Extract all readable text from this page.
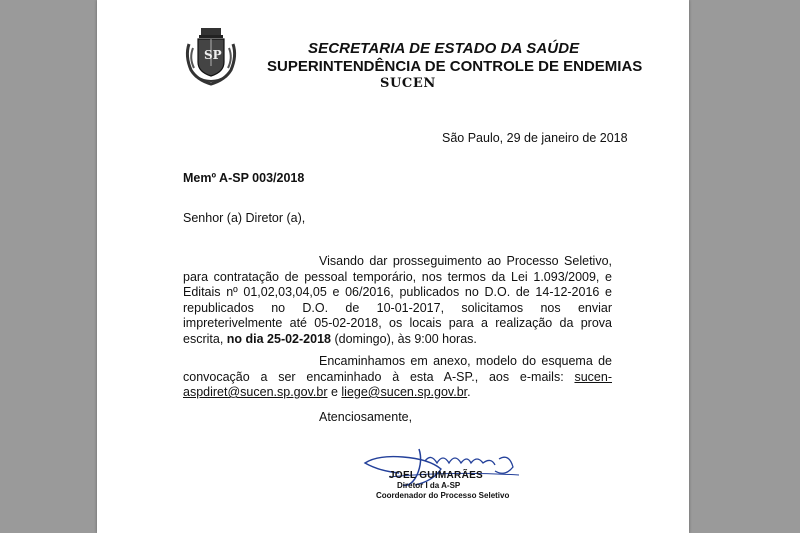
SP	SECRETARIA DE ESTADO DA SAÚDE
SUPERINTENDÊNCIA DE CONTROLE DE ENDEMIAS
SUCEN
São Paulo, 29 de janeiro de 2018
Memº A-SP 003/2018
Senhor (a) Diretor (a),

Visando dar prosseguimento ao Processo Seletivo, para contratação de pessoal temporário, nos termos da Lei 1.093/2009, e Editais nº 01,02,03,04,05 e 06/2016, publicados no D.O. de 14-12-2016 e republicados no D.O. de 10-01-2017, solicitamos nos enviar impreterivelmente até 05-02-2018, os locais para a realização da prova escrita, no dia 25-02-2018 (domingo), às 9:00 horas.

Encaminhamos em anexo, modelo do esquema de convocação a ser encaminhado à esta A-SP., aos e-mails: sucen-aspdiret@sucen.sp.gov.br e liege@sucen.sp.gov.br.

Atenciosamente,
JOEL GUIMARÃES
Diretor I da A-SP
Coordenador do Processo Seletivo
